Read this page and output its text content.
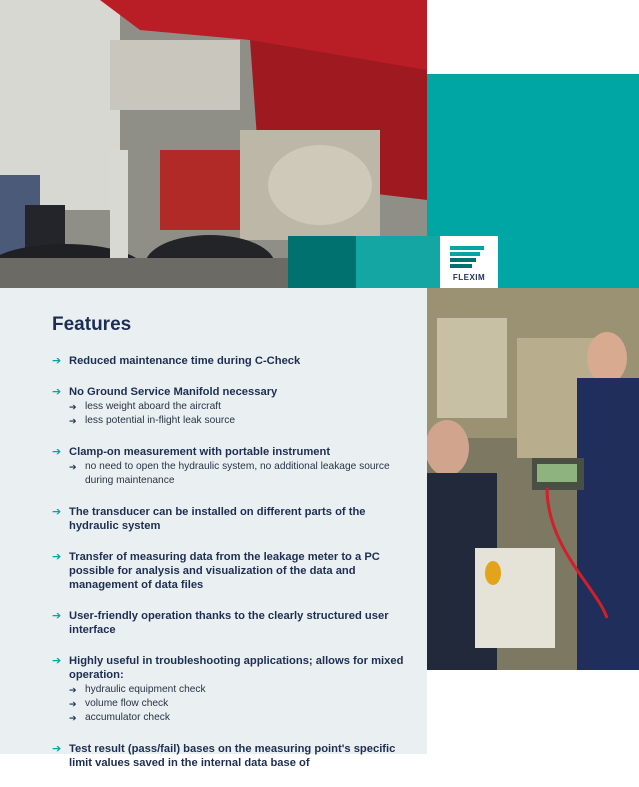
FLEXIM
Features
➔ Reduced maintenance time during C-Check
➔ No Ground Service Manifold necessary
➔ less weight aboard the aircraft
➔ less potential in-flight leak source
➔ Clamp-on measurement with portable instrument
➔ no need to open the hydraulic system, no additional leakage source during maintenance
➔ The transducer can be installed on different parts of the hydraulic system
➔ Transfer of measuring data from the leakage meter to a PC possible for analysis and visualization of the data and management of data files
➔ User-friendly operation thanks to the clearly structured user interface
➔ Highly useful in troubleshooting applications; allows for mixed operation:
➔ hydraulic equipment check
➔ volume flow check
➔ accumulator check
➔ Test result (pass/fail) bases on the measuring point's specific limit values saved in the internal data base of
